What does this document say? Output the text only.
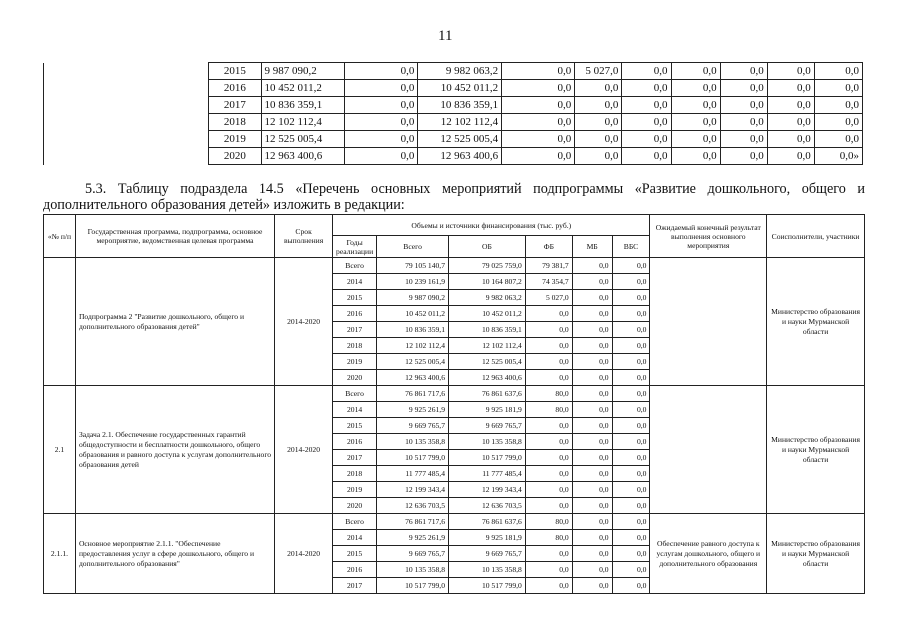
11
	2015	9 987 090,2	0,0	9 982 063,2	0,0	5 027,0	0,0	0,0	0,0	0,0	0,0
	2016	10 452 011,2	0,0	10 452 011,2	0,0	0,0	0,0	0,0	0,0	0,0	0,0
	2017	10 836 359,1	0,0	10 836 359,1	0,0	0,0	0,0	0,0	0,0	0,0	0,0
	2018	12 102 112,4	0,0	12 102 112,4	0,0	0,0	0,0	0,0	0,0	0,0	0,0
	2019	12 525 005,4	0,0	12 525 005,4	0,0	0,0	0,0	0,0	0,0	0,0	0,0
	2020	12 963 400,6	0,0	12 963 400,6	0,0	0,0	0,0	0,0	0,0	0,0	0,0»
5.3. Таблицу подраздела 14.5 «Перечень основных мероприятий подпрограммы «Развитие дошкольного, общего и
дополнительного образования детей» изложить в редакции:
«№ п/п	Государственная программа, подпрограмма, основное мероприятие, ведомственная целевая программа	Срок выполнения	Объемы и источники финансирования (тыс. руб.)						Ожидаемый конечный результат выполнения основного мероприятия	Соисполнители, участники
			Годы реализации	Всего	ОБ	ФБ	МБ	ВБС		
	Подпрограмма 2 "Развитие дошкольного, общего и дополнительного образования детей"	2014-2020	Всего	79 105 140,7	79 025 759,0	79 381,7	0,0	0,0		Министерство образования и науки Мурманской области
			2014	10 239 161,9	10 164 807,2	74 354,7	0,0	0,0		
			2015	9 987 090,2	9 982 063,2	5 027,0	0,0	0,0		
			2016	10 452 011,2	10 452 011,2	0,0	0,0	0,0		
			2017	10 836 359,1	10 836 359,1	0,0	0,0	0,0		
			2018	12 102 112,4	12 102 112,4	0,0	0,0	0,0		
			2019	12 525 005,4	12 525 005,4	0,0	0,0	0,0		
			2020	12 963 400,6	12 963 400,6	0,0	0,0	0,0		
2.1	Задача 2.1. Обеспечение государственных гарантий общедоступности и бесплатности дошкольного, общего образования и равного доступа к услугам дополнительного образования детей	2014-2020	Всего	76 861 717,6	76 861 637,6	80,0	0,0	0,0		Министерство образования и науки Мурманской области
			2014	9 925 261,9	9 925 181,9	80,0	0,0	0,0		
			2015	9 669 765,7	9 669 765,7	0,0	0,0	0,0		
			2016	10 135 358,8	10 135 358,8	0,0	0,0	0,0		
			2017	10 517 799,0	10 517 799,0	0,0	0,0	0,0		
			2018	11 777 485,4	11 777 485,4	0,0	0,0	0,0		
			2019	12 199 343,4	12 199 343,4	0,0	0,0	0,0		
			2020	12 636 703,5	12 636 703,5	0,0	0,0	0,0		
2.1.1.	Основное мероприятие 2.1.1. "Обеспечение предоставления услуг в сфере дошкольного, общего и дополнительного образования"	2014-2020	Всего	76 861 717,6	76 861 637,6	80,0	0,0	0,0	Обеспечение равного доступа к услугам дошкольного, общего и дополнительного образования	Министерство образования и науки Мурманской области
			2014	9 925 261,9	9 925 181,9	80,0	0,0	0,0		
			2015	9 669 765,7	9 669 765,7	0,0	0,0	0,0		
			2016	10 135 358,8	10 135 358,8	0,0	0,0	0,0		
			2017	10 517 799,0	10 517 799,0	0,0	0,0	0,0		
